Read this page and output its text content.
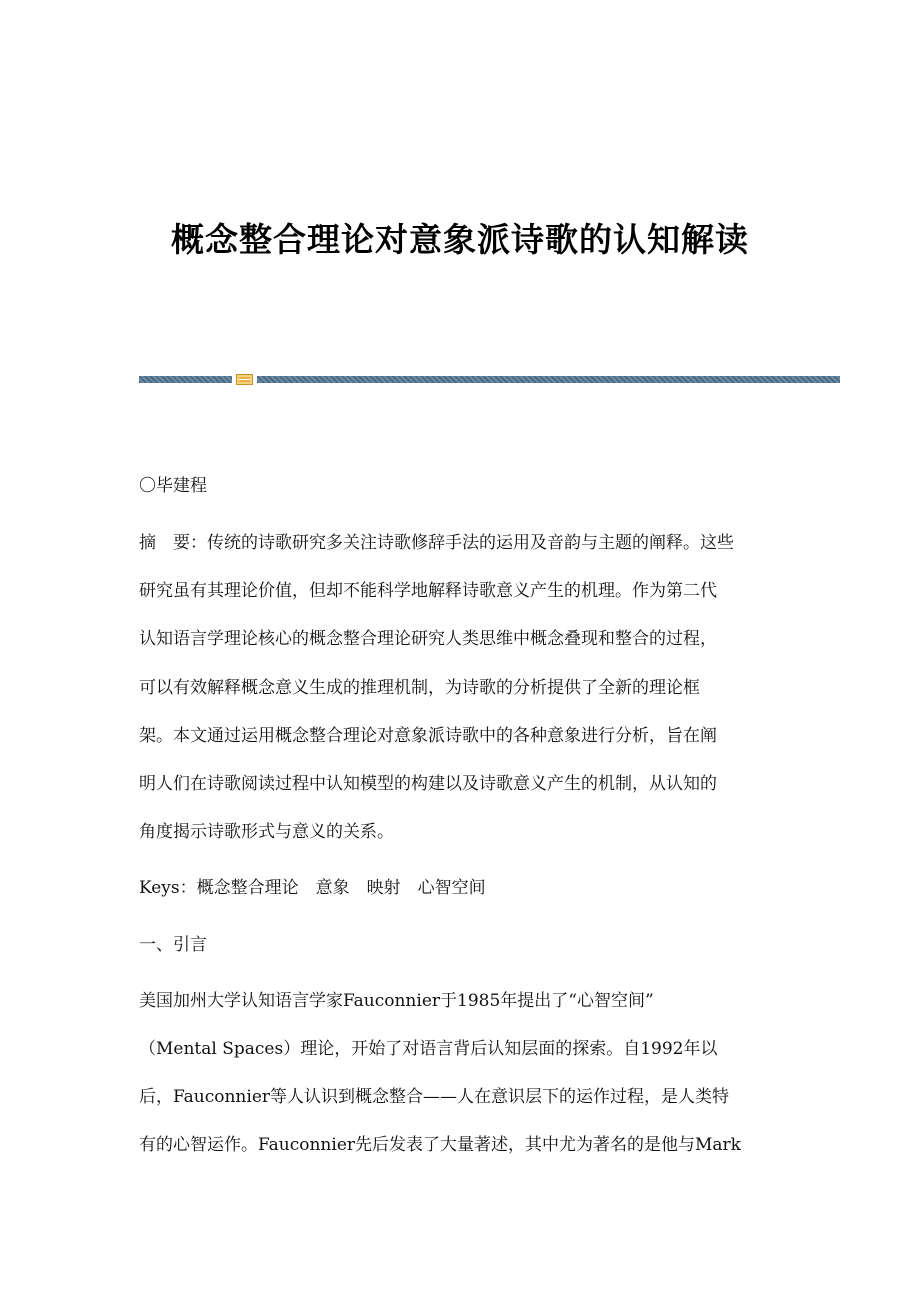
概念整合理论对意象派诗歌的认知解读
〇毕建程
摘　要：传统的诗歌研究多关注诗歌修辞手法的运用及音韵与主题的阐释。这些
研究虽有其理论价值，但却不能科学地解释诗歌意义产生的机理。作为第二代
认知语言学理论核心的概念整合理论研究人类思维中概念叠现和整合的过程，
可以有效解释概念意义生成的推理机制，为诗歌的分析提供了全新的理论框
架。本文通过运用概念整合理论对意象派诗歌中的各种意象进行分析，旨在阐
明人们在诗歌阅读过程中认知模型的构建以及诗歌意义产生的机制，从认知的
角度揭示诗歌形式与意义的关系。
Keys：概念整合理论　意象　映射　心智空间
一、引言
美国加州大学认知语言学家Fauconnier于1985年提出了“心智空间”
（Mental Spaces）理论，开始了对语言背后认知层面的探索。自1992年以
后，Fauconnier等人认识到概念整合——人在意识层下的运作过程，是人类特
有的心智运作。Fauconnier先后发表了大量著述，其中尤为著名的是他与Mark
